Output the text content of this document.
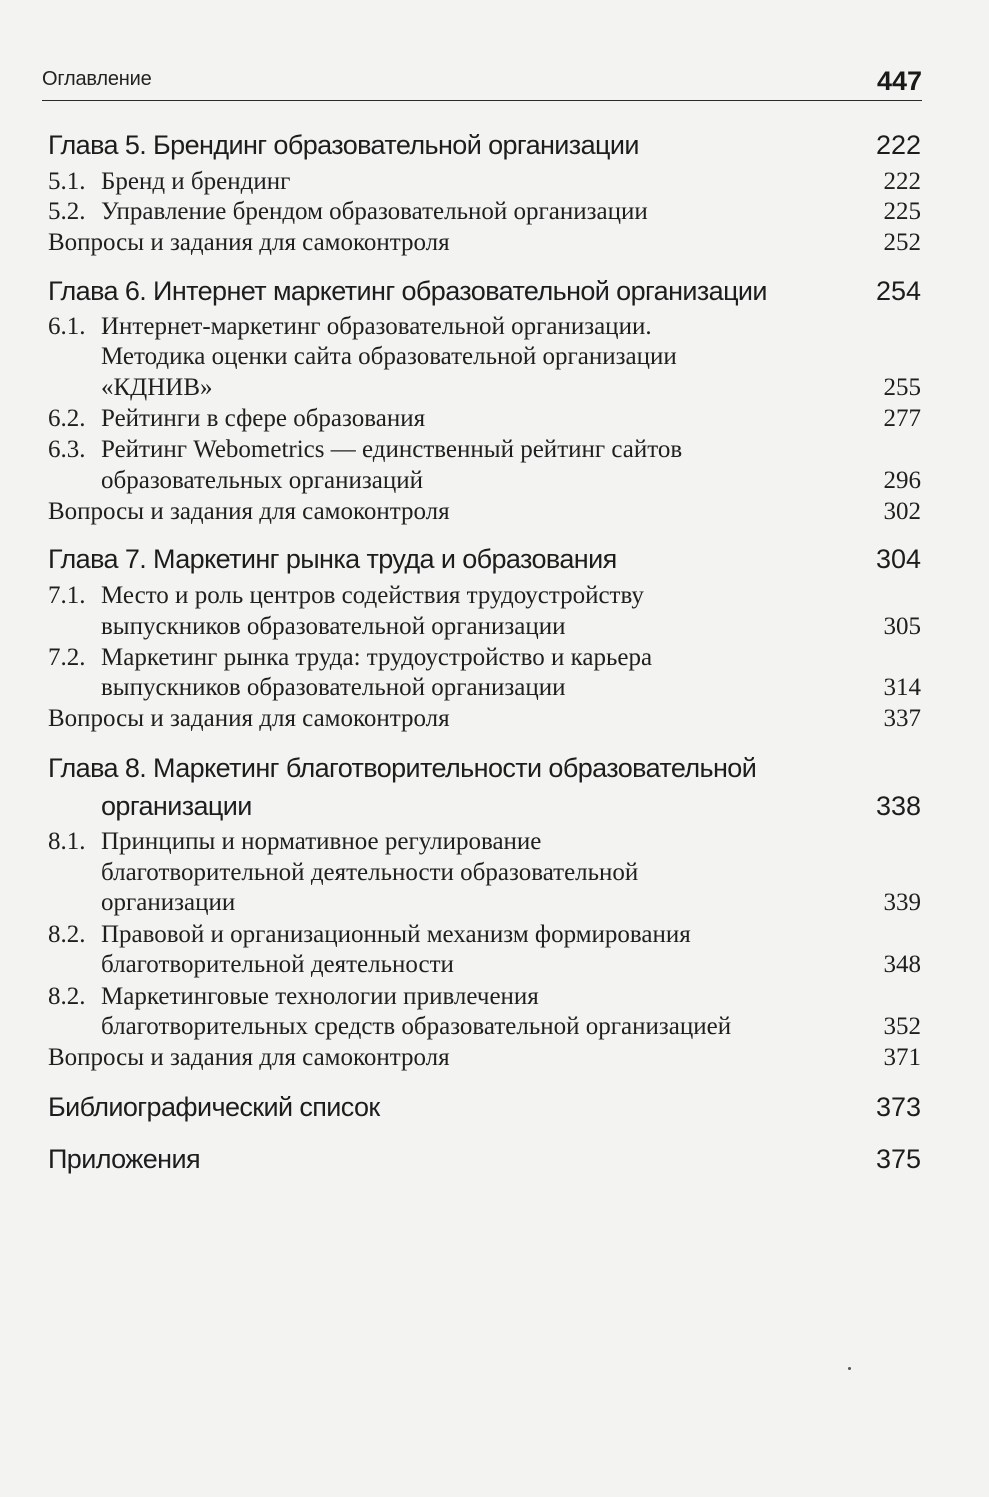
Оглавление	447
Глава 5. Брендинг образовательной организации	222
5.1. Бренд и брендинг	222
5.2. Управление брендом образовательной организации	225
Вопросы и задания для самоконтроля	252
Глава 6. Интернет маркетинг образовательной организации	254
6.1. Интернет-маркетинг образовательной организации.
Методика оценки сайта образовательной организации
«КДНИВ»	255
6.2. Рейтинги в сфере образования	277
6.3. Рейтинг Webometrics — единственный рейтинг сайтов
образовательных организаций	296
Вопросы и задания для самоконтроля	302
Глава 7. Маркетинг рынка труда и образования	304
7.1. Место и роль центров содействия трудоустройству
выпускников образовательной организации	305
7.2. Маркетинг рынка труда: трудоустройство и карьера
выпускников образовательной организации	314
Вопросы и задания для самоконтроля	337
Глава 8. Маркетинг благотворительности образовательной
организации	338
8.1. Принципы и нормативное регулирование
благотворительной деятельности образовательной
организации	339
8.2. Правовой и организационный механизм формирования
благотворительной деятельности	348
8.2. Маркетинговые технологии привлечения
благотворительных средств образовательной организацией	352
Вопросы и задания для самоконтроля	371
Библиографический список	373
Приложения	375
